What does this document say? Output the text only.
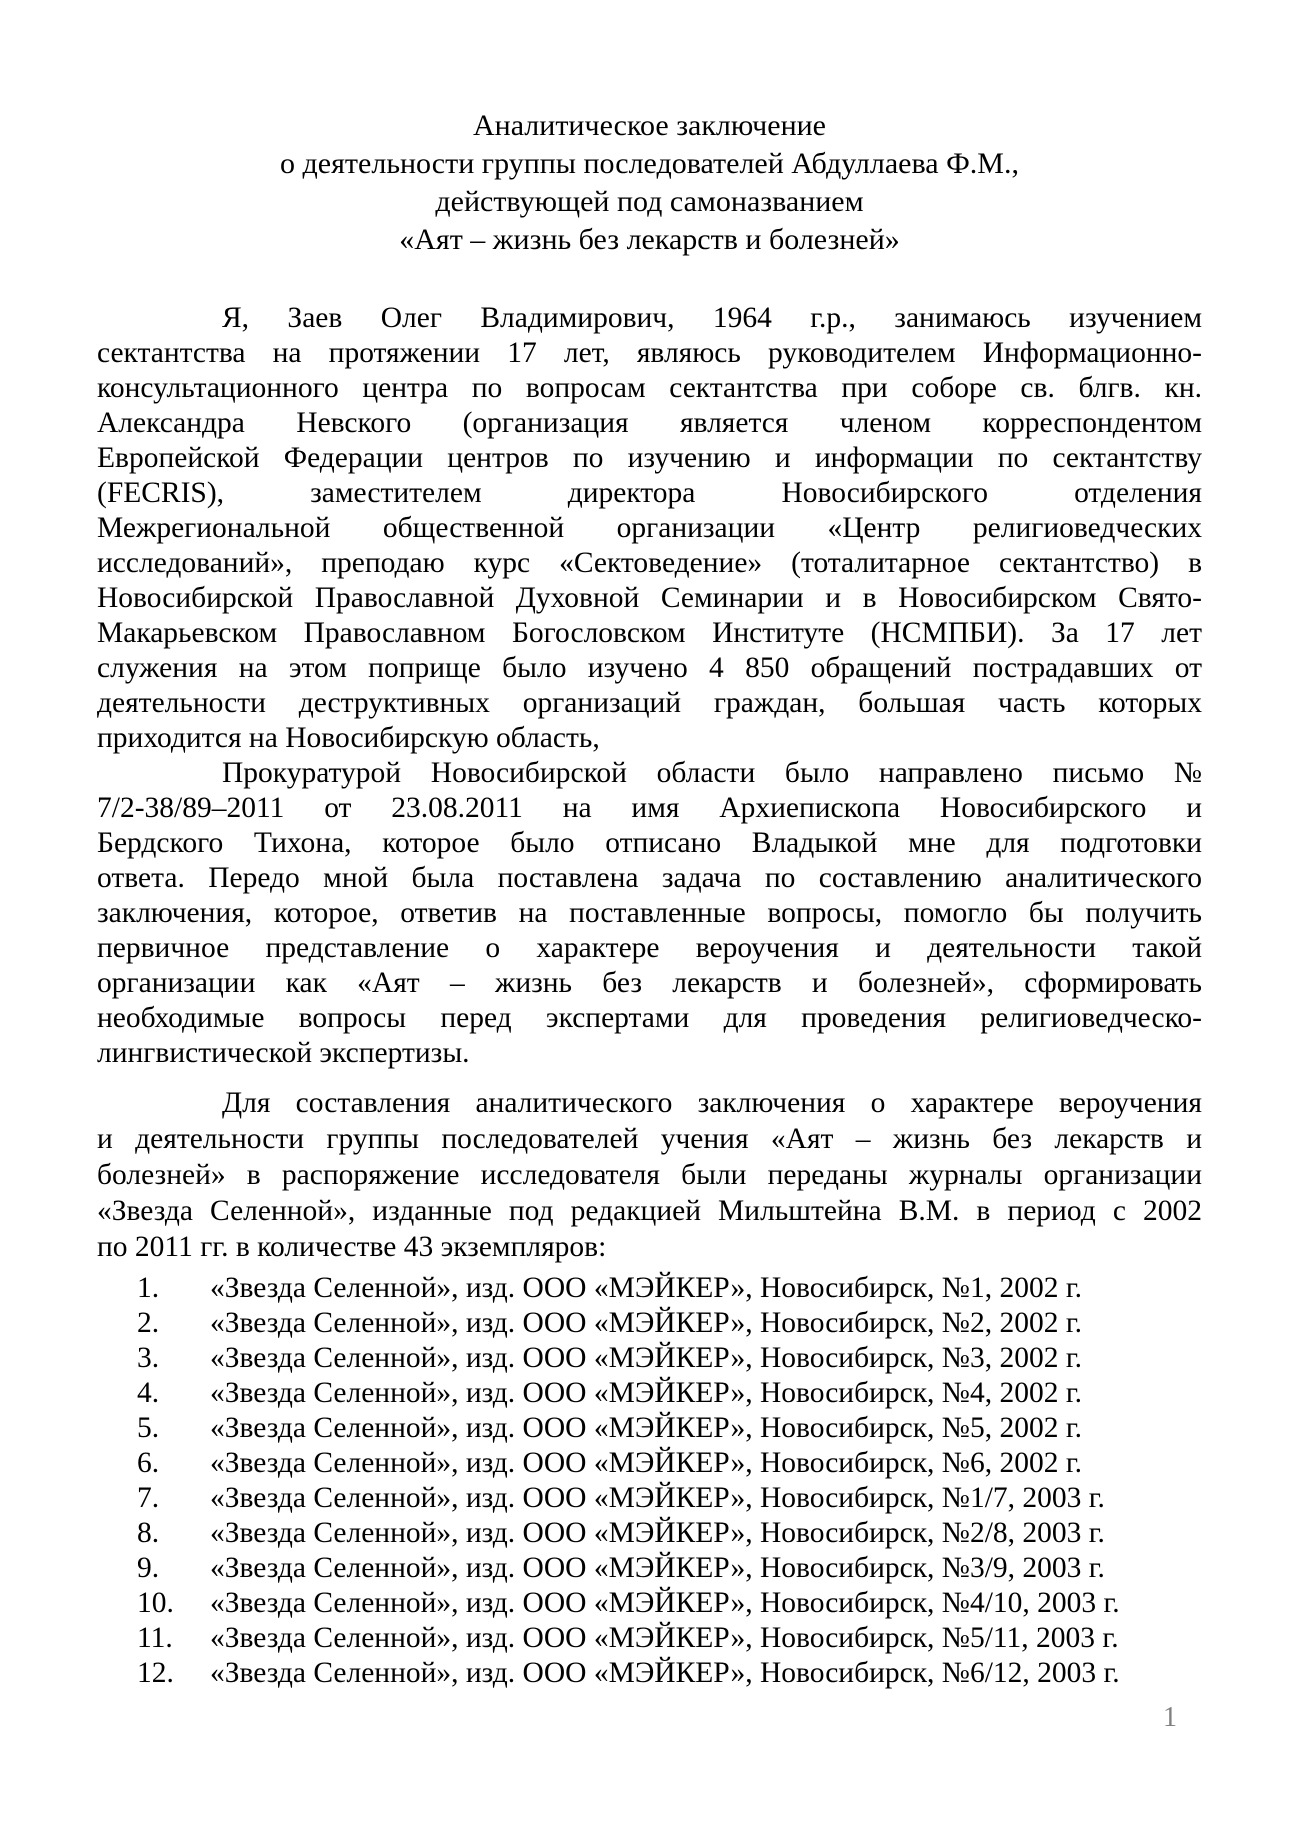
Аналитическое заключение
о деятельности группы последователей Абдуллаева Ф.М.,
действующей под самоназванием
«Аят – жизнь без лекарств и болезней»
Я, Заев Олег Владимирович, 1964 г.р., занимаюсь изучением
сектантства на протяжении 17 лет, являюсь руководителем Информационно-
консультационного центра по вопросам сектантства при соборе св. блгв. кн.
Александра Невского (организация является членом корреспондентом
Европейской Федерации центров по изучению и информации по сектантству
(FECRIS), заместителем директора Новосибирского отделения
Межрегиональной общественной организации «Центр религиоведческих
исследований», преподаю курс «Сектоведение» (тоталитарное сектантство) в
Новосибирской Православной Духовной Семинарии и в Новосибирском Свято-
Макарьевском Православном Богословском Институте (НСМПБИ). За 17 лет
служения на этом поприще было изучено 4 850 обращений пострадавших от
деятельности деструктивных организаций граждан, большая часть которых
приходится на Новосибирскую область,
Прокуратурой Новосибирской области было направлено письмо №
7/2-38/89–2011 от 23.08.2011 на имя Архиепископа Новосибирского и
Бердского Тихона, которое было отписано Владыкой мне для подготовки
ответа. Передо мной была поставлена задача по составлению аналитического
заключения, которое, ответив на поставленные вопросы, помогло бы получить
первичное представление о характере вероучения и деятельности такой
организации как «Аят – жизнь без лекарств и болезней», сформировать
необходимые вопросы перед экспертами для проведения религиоведческо-
лингвистической экспертизы.
Для составления аналитического заключения о характере вероучения
и деятельности группы последователей учения «Аят – жизнь без лекарств и
болезней» в распоряжение исследователя были переданы журналы организации
«Звезда Селенной», изданные под редакцией Мильштейна В.М. в период с 2002
по 2011 гг. в количестве 43 экземпляров:
1. «Звезда Селенной», изд. ООО «МЭЙКЕР», Новосибирск, №1, 2002 г.
2. «Звезда Селенной», изд. ООО «МЭЙКЕР», Новосибирск, №2, 2002 г.
3. «Звезда Селенной», изд. ООО «МЭЙКЕР», Новосибирск, №3, 2002 г.
4. «Звезда Селенной», изд. ООО «МЭЙКЕР», Новосибирск, №4, 2002 г.
5. «Звезда Селенной», изд. ООО «МЭЙКЕР», Новосибирск, №5, 2002 г.
6. «Звезда Селенной», изд. ООО «МЭЙКЕР», Новосибирск, №6, 2002 г.
7. «Звезда Селенной», изд. ООО «МЭЙКЕР», Новосибирск, №1/7, 2003 г.
8. «Звезда Селенной», изд. ООО «МЭЙКЕР», Новосибирск, №2/8, 2003 г.
9. «Звезда Селенной», изд. ООО «МЭЙКЕР», Новосибирск, №3/9, 2003 г.
10. «Звезда Селенной», изд. ООО «МЭЙКЕР», Новосибирск, №4/10, 2003 г.
11. «Звезда Селенной», изд. ООО «МЭЙКЕР», Новосибирск, №5/11, 2003 г.
12. «Звезда Селенной», изд. ООО «МЭЙКЕР», Новосибирск, №6/12, 2003 г.
1
